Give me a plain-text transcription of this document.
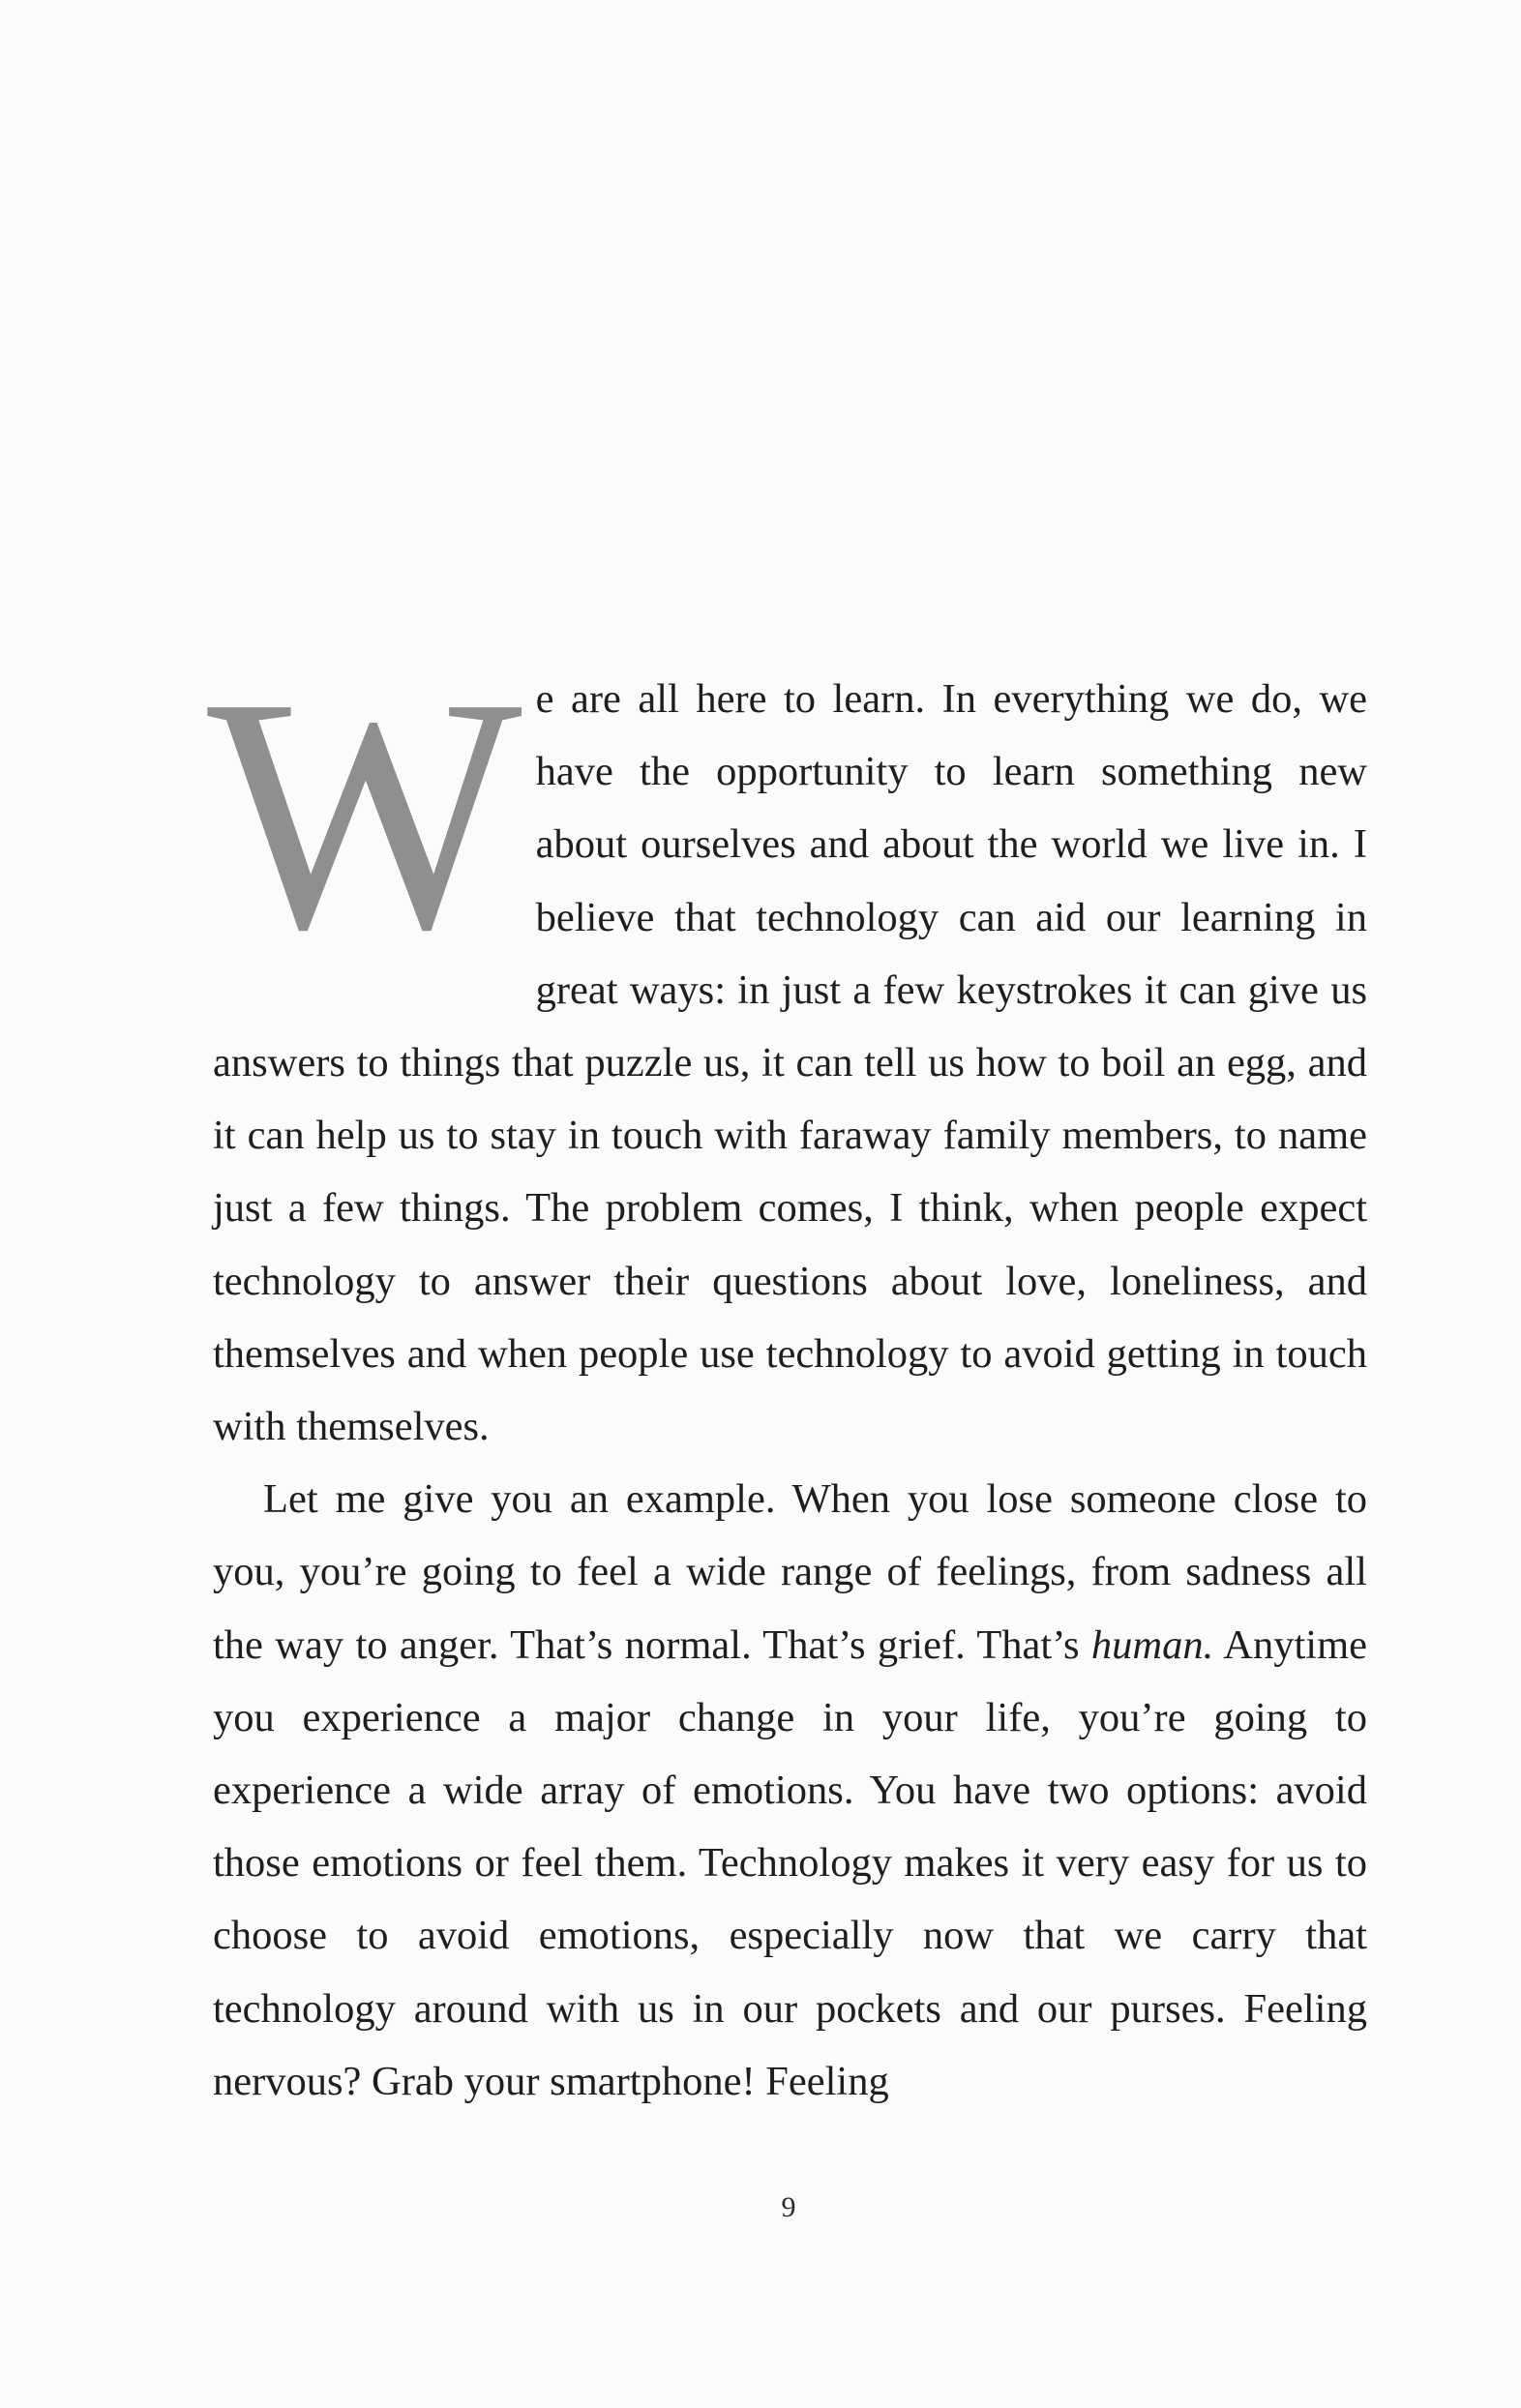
We are all here to learn. In everything we do, we have the opportunity to learn something new about ourselves and about the world we live in. I believe that technology can aid our learning in great ways: in just a few keystrokes it can give us answers to things that puzzle us, it can tell us how to boil an egg, and it can help us to stay in touch with faraway family members, to name just a few things. The problem comes, I think, when people expect technology to answer their questions about love, loneliness, and themselves and when people use technology to avoid getting in touch with themselves.

Let me give you an example. When you lose someone close to you, you’re going to feel a wide range of feelings, from sadness all the way to anger. That’s normal. That’s grief. That’s human. Anytime you experience a major change in your life, you’re going to experience a wide array of emotions. You have two options: avoid those emotions or feel them. Technology makes it very easy for us to choose to avoid emotions, especially now that we carry that technology around with us in our pockets and our purses. Feeling nervous? Grab your smartphone! Feeling

9
